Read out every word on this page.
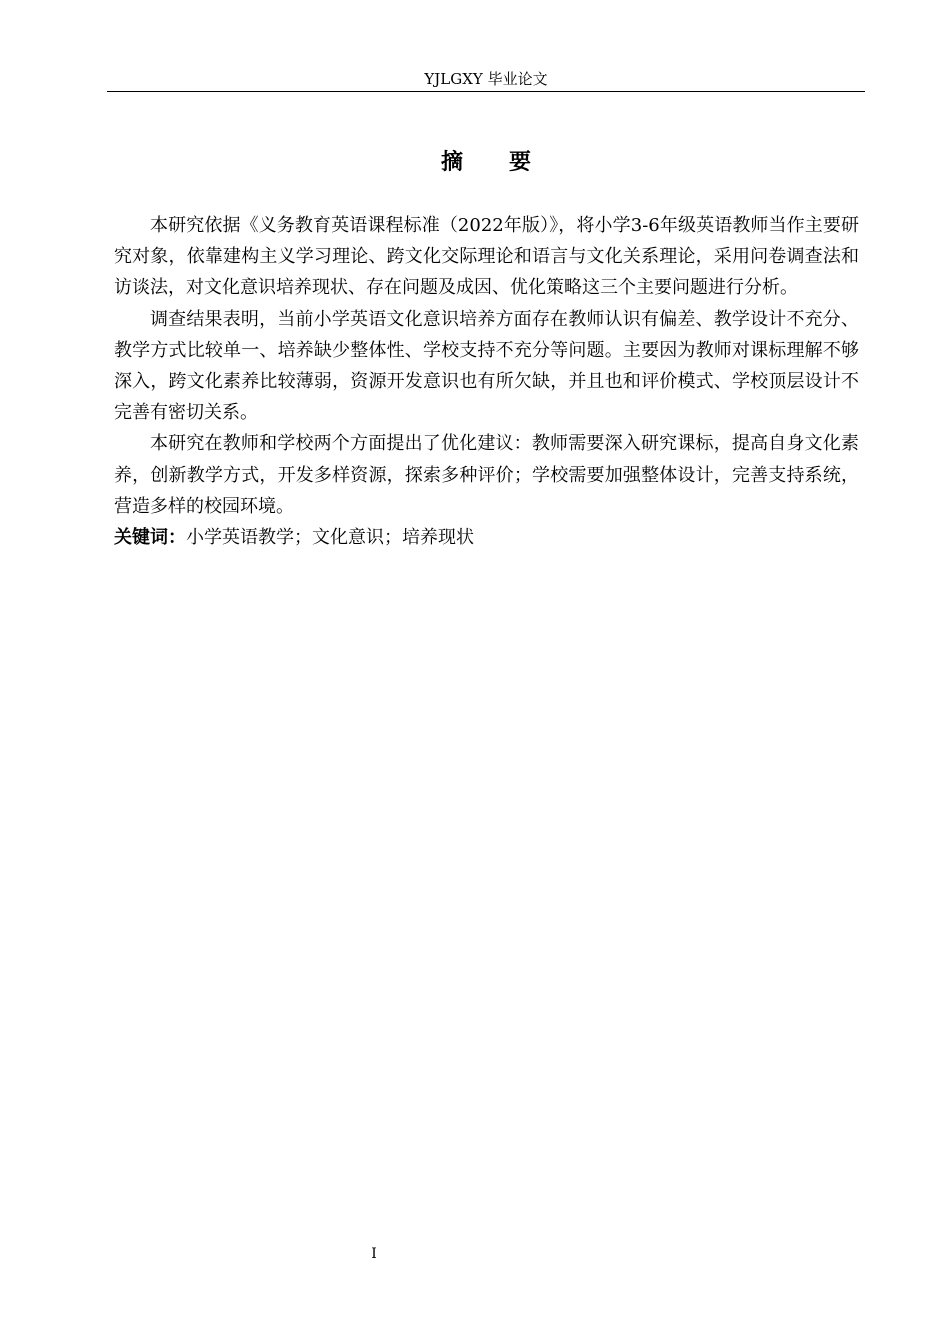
YJLGXY 毕业论文
摘 要

本研究依据《义务教育英语课程标准（2022年版）》，将小学3-6年级英语教师当作主要研究对象，依靠建构主义学习理论、跨文化交际理论和语言与文化关系理论，采用问卷调查法和访谈法，对文化意识培养现状、存在问题及成因、优化策略这三个主要问题进行分析。

调查结果表明，当前小学英语文化意识培养方面存在教师认识有偏差、教学设计不充分、教学方式比较单一、培养缺少整体性、学校支持不充分等问题。主要因为教师对课标理解不够深入，跨文化素养比较薄弱，资源开发意识也有所欠缺，并且也和评价模式、学校顶层设计不完善有密切关系。

本研究在教师和学校两个方面提出了优化建议：教师需要深入研究课标，提高自身文化素养，创新教学方式，开发多样资源，探索多种评价；学校需要加强整体设计，完善支持系统，营造多样的校园环境。

关键词：小学英语教学；文化意识；培养现状

I
